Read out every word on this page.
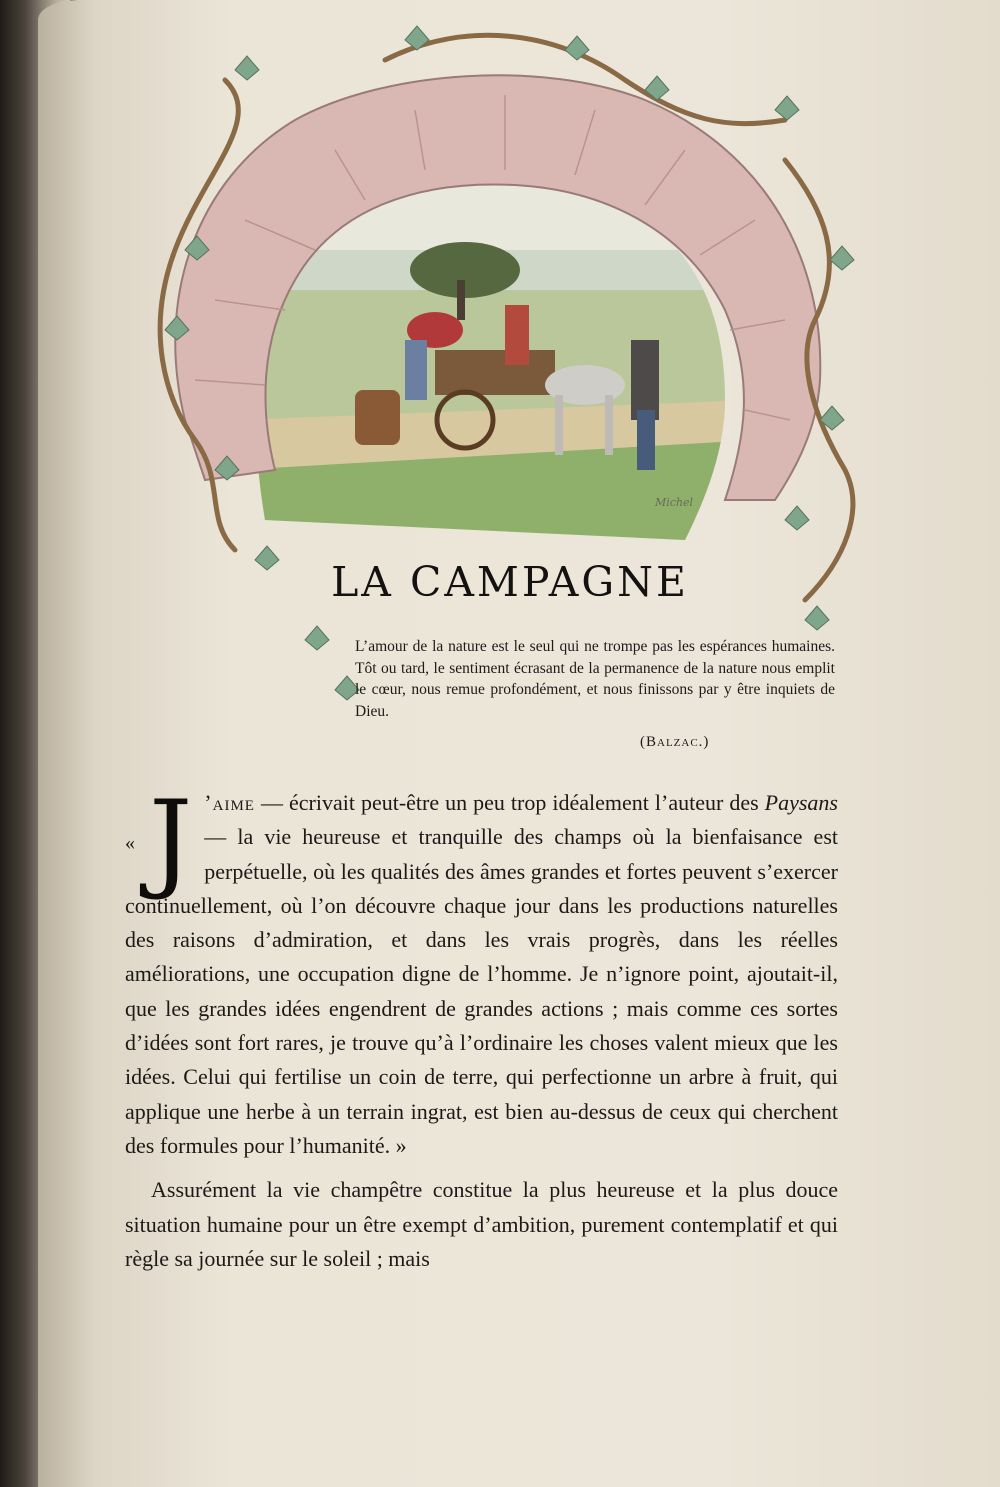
Michel
LA CAMPAGNE
L’amour de la nature est le seul qui ne trompe pas les espérances humaines. Tôt ou tard, le sentiment écrasant de la permanence de la nature nous emplit le cœur, nous remue profondément, et nous finissons par y être inquiets de Dieu.
(Balzac.)

« J ’aime — écrivait peut-être un peu trop idéalement l’auteur des Paysans — la vie heureuse et tranquille des champs où la bienfaisance est perpétuelle, où les qualités des âmes grandes et fortes peuvent s’exercer continuellement, où l’on découvre chaque jour dans les productions naturelles des raisons d’admiration, et dans les vrais progrès, dans les réelles améliorations, une occupation digne de l’homme. Je n’ignore point, ajoutait-il, que les grandes idées engendrent de grandes actions ; mais comme ces sortes d’idées sont fort rares, je trouve qu’à l’ordinaire les choses valent mieux que les idées. Celui qui fertilise un coin de terre, qui perfectionne un arbre à fruit, qui applique une herbe à un terrain ingrat, est bien au-dessus de ceux qui cherchent des formules pour l’humanité. »

Assurément la vie champêtre constitue la plus heureuse et la plus douce situation humaine pour un être exempt d’ambition, purement contemplatif et qui règle sa journée sur le soleil ; mais
